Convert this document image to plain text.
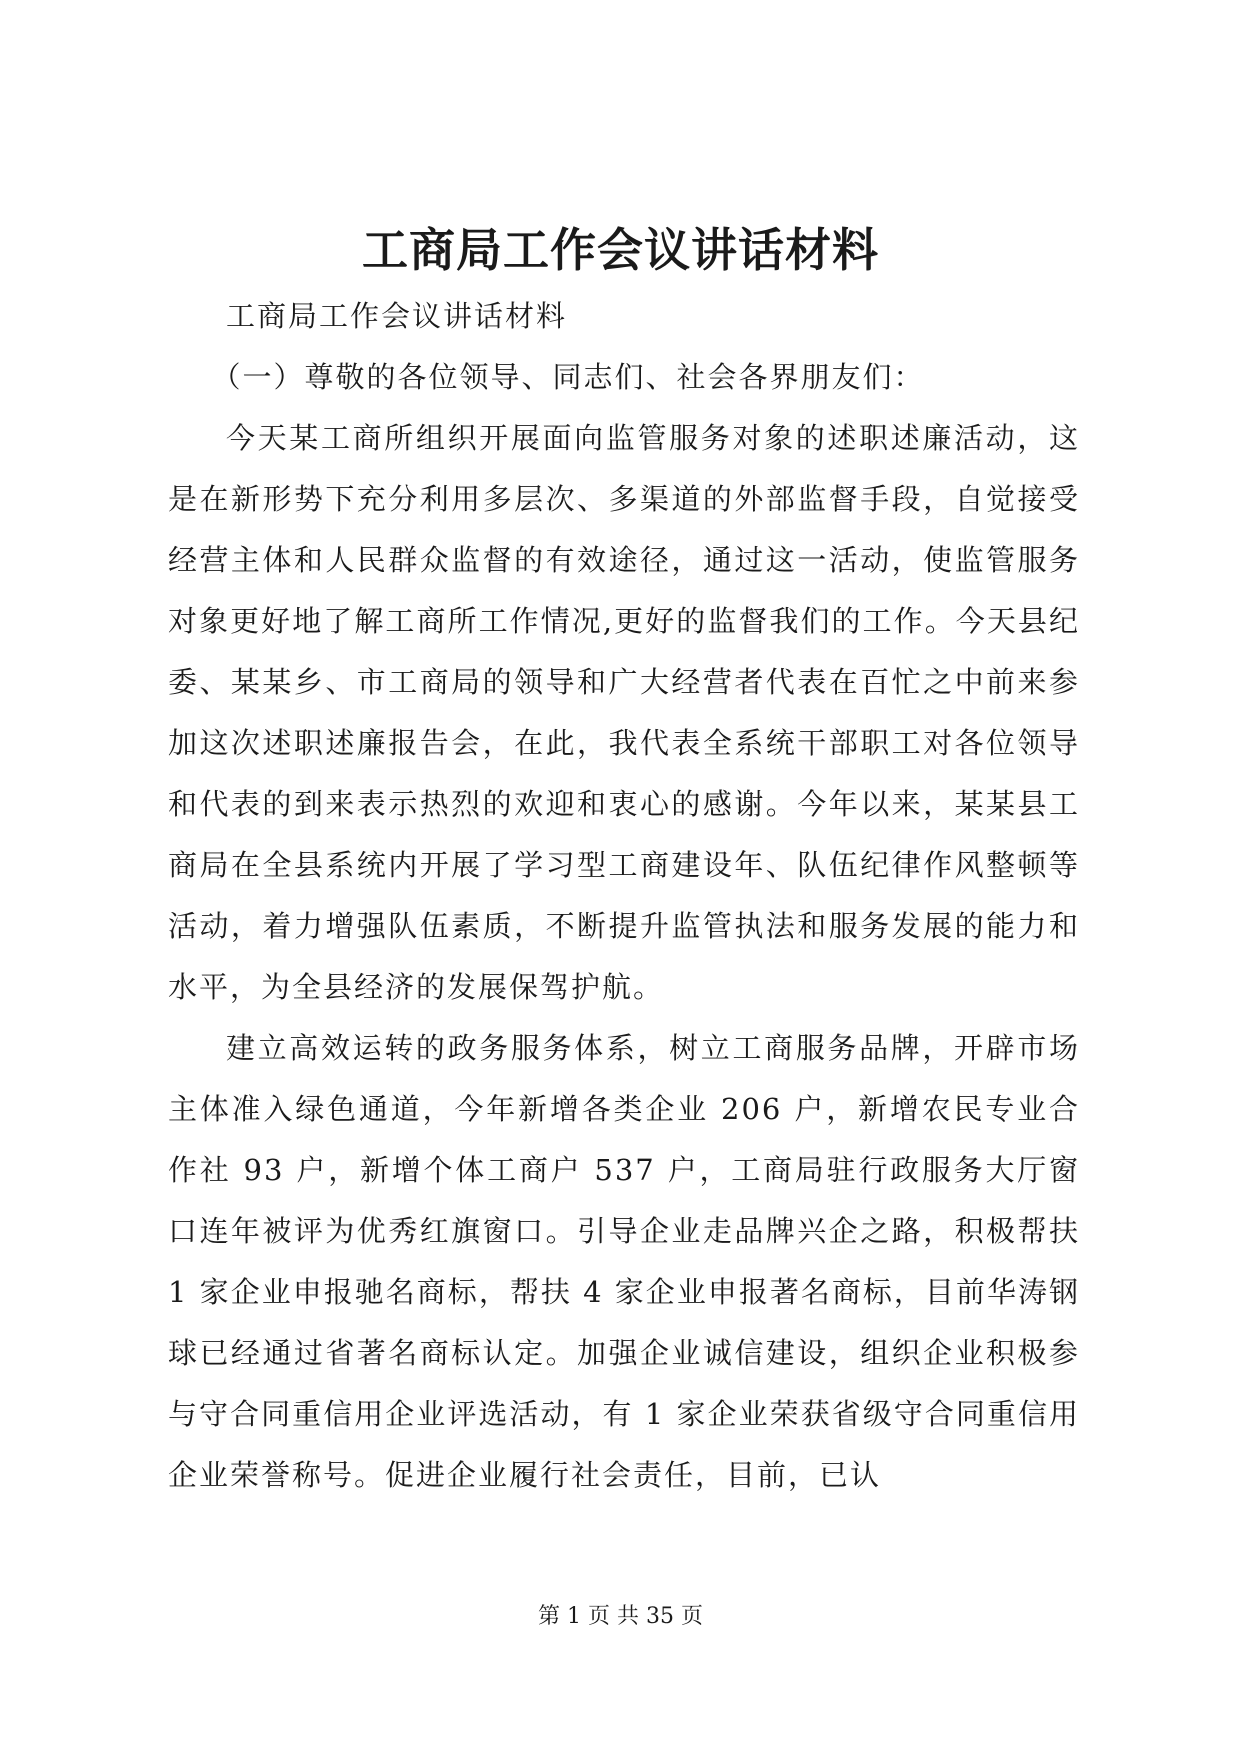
工商局工作会议讲话材料

工商局工作会议讲话材料

（一）尊敬的各位领导、同志们、社会各界朋友们：

今天某工商所组织开展面向监管服务对象的述职述廉活动，这是在新形势下充分利用多层次、多渠道的外部监督手段，自觉接受经营主体和人民群众监督的有效途径，通过这一活动，使监管服务对象更好地了解工商所工作情况,更好的监督我们的工作。今天县纪委、某某乡、市工商局的领导和广大经营者代表在百忙之中前来参加这次述职述廉报告会，在此，我代表全系统干部职工对各位领导和代表的到来表示热烈的欢迎和衷心的感谢。今年以来，某某县工商局在全县系统内开展了学习型工商建设年、队伍纪律作风整顿等活动，着力增强队伍素质，不断提升监管执法和服务发展的能力和水平，为全县经济的发展保驾护航。

建立高效运转的政务服务体系，树立工商服务品牌，开辟市场主体准入绿色通道，今年新增各类企业 206 户，新增农民专业合作社 93 户，新增个体工商户 537 户，工商局驻行政服务大厅窗口连年被评为优秀红旗窗口。引导企业走品牌兴企之路，积极帮扶 1 家企业申报驰名商标，帮扶 4 家企业申报著名商标，目前华涛钢球已经通过省著名商标认定。加强企业诚信建设，组织企业积极参与守合同重信用企业评选活动，有 1 家企业荣获省级守合同重信用企业荣誉称号。促进企业履行社会责任，目前，已认

第 1 页 共 35 页
